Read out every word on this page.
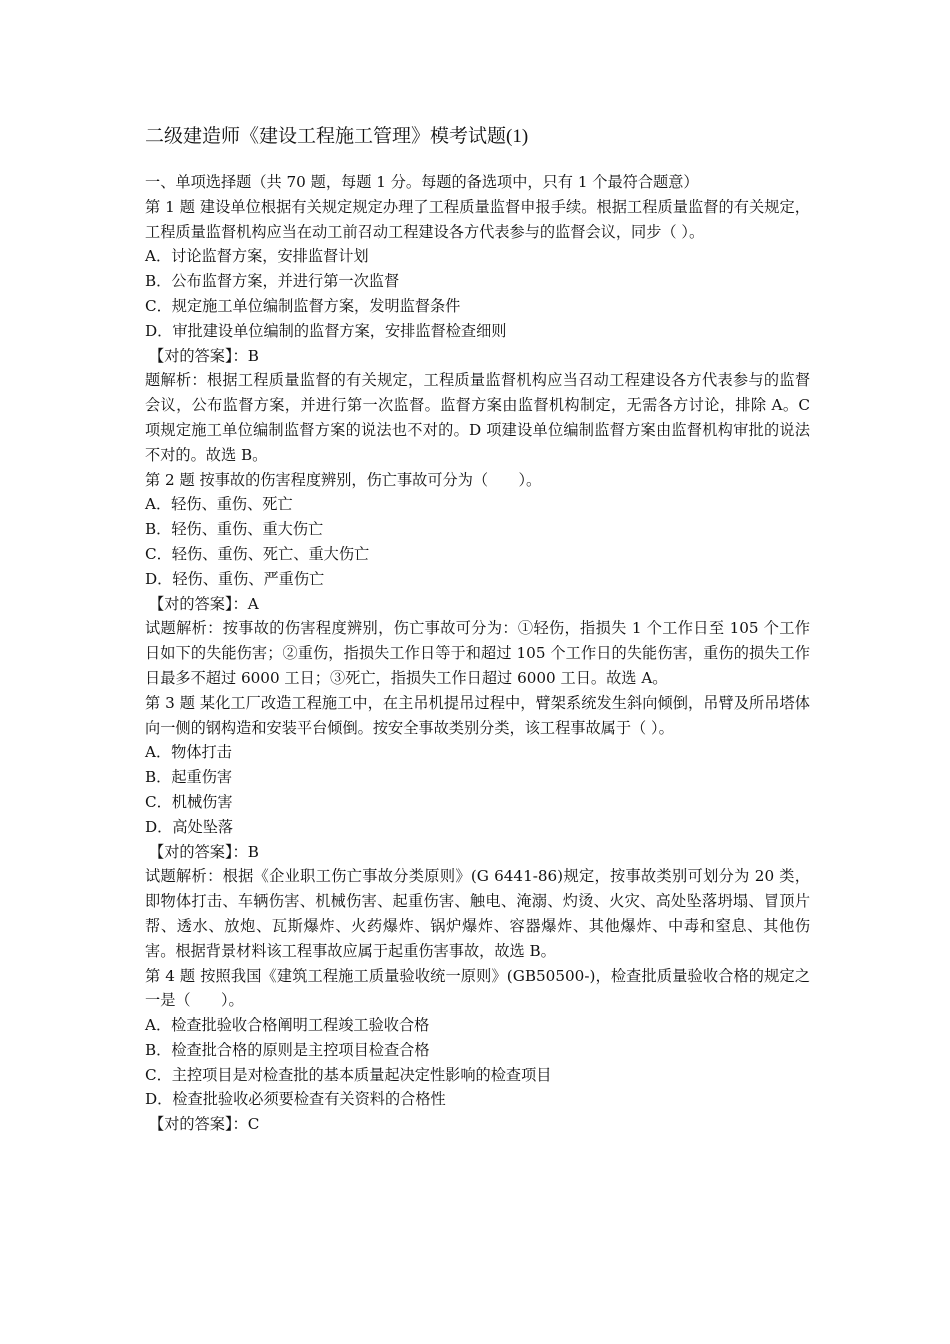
二级建造师《建设工程施工管理》模考试题(1)

一、单项选择题（共 70 题，每题 1 分。每题的备选项中，只有 1 个最符合题意）

第 1 题 建设单位根据有关规定规定办理了工程质量监督申报手续。根据工程质量监督的有关规定，工程质量监督机构应当在动工前召动工程建设各方代表参与的监督会议，同步（ ）。

A．讨论监督方案，安排监督计划

B．公布监督方案，并进行第一次监督

C．规定施工单位编制监督方案，发明监督条件

D．审批建设单位编制的监督方案，安排监督检查细则

【对的答案】：B

题解析：根据工程质量监督的有关规定，工程质量监督机构应当召动工程建设各方代表参与的监督会议，公布监督方案，并进行第一次监督。监督方案由监督机构制定，无需各方讨论，排除 A。C 项规定施工单位编制监督方案的说法也不对的。D 项建设单位编制监督方案由监督机构审批的说法不对的。故选 B。

第 2 题 按事故的伤害程度辨别，伤亡事故可分为（　　）。

A．轻伤、重伤、死亡

B．轻伤、重伤、重大伤亡

C．轻伤、重伤、死亡、重大伤亡

D．轻伤、重伤、严重伤亡

【对的答案】：A

试题解析：按事故的伤害程度辨别，伤亡事故可分为：①轻伤，指损失 1 个工作日至 105 个工作日如下的失能伤害；②重伤，指损失工作日等于和超过 105 个工作日的失能伤害，重伤的损失工作日最多不超过 6000 工日；③死亡，指损失工作日超过 6000 工日。故选 A。

第 3 题 某化工厂改造工程施工中，在主吊机提吊过程中，臂架系统发生斜向倾倒，吊臂及所吊塔体向一侧的钢构造和安装平台倾倒。按安全事故类别分类，该工程事故属于（ ）。

A．物体打击

B．起重伤害

C．机械伤害

D．高处坠落

【对的答案】：B

试题解析：根据《企业职工伤亡事故分类原则》(G 6441-86)规定，按事故类别可划分为 20 类，即物体打击、车辆伤害、机械伤害、起重伤害、触电、淹溺、灼烫、火灾、高处坠落坍塌、冒顶片帮、透水、放炮、瓦斯爆炸、火药爆炸、锅炉爆炸、容器爆炸、其他爆炸、中毒和窒息、其他伤害。根据背景材料该工程事故应属于起重伤害事故，故选 B。

第 4 题 按照我国《建筑工程施工质量验收统一原则》(GB50500-)，检查批质量验收合格的规定之一是（　　）。

A．检查批验收合格阐明工程竣工验收合格

B．检查批合格的原则是主控项目检查合格

C．主控项目是对检查批的基本质量起决定性影响的检查项目

D．检查批验收必须要检查有关资料的合格性

【对的答案】：C
